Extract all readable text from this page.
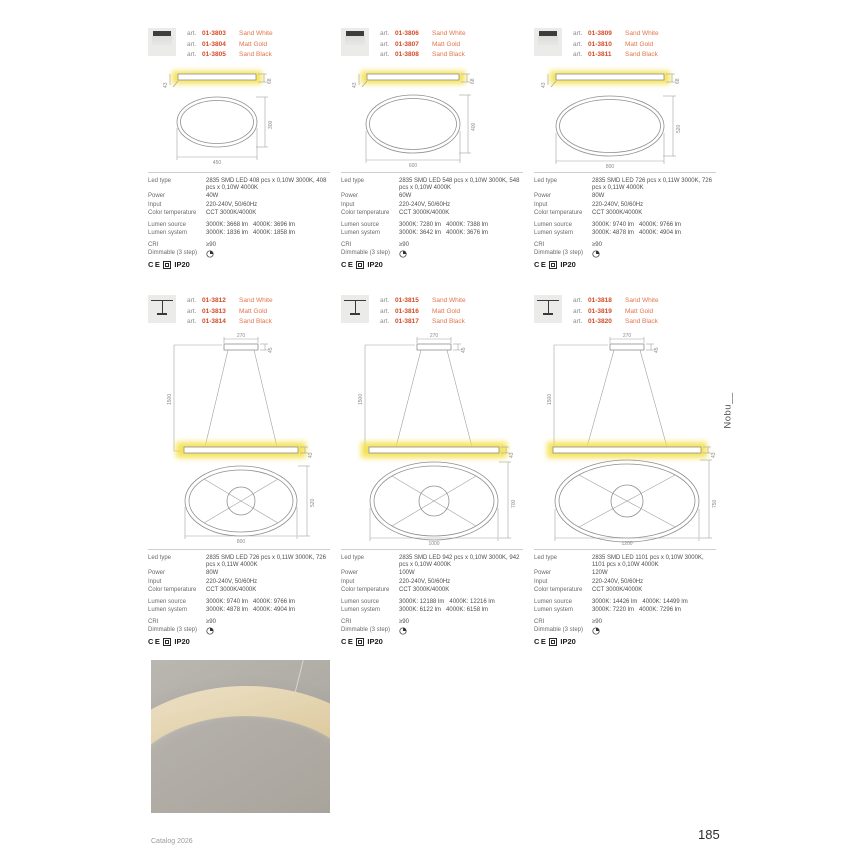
art. 01-3803	Sand White
art. 01-3804	Matt Gold
art. 01-3805	Sand Black
68
43
450
300
Led type	2835 SMD LED 408 pcs x 0,10W 3000K, 408 pcs x 0,10W 4000K
Power	40W
Input	220-240V, 50/60Hz
Color temperature	CCT 3000K/4000K
Lumen source	3000K: 3668 lm   4000K: 3696 lm
Lumen system	3000K: 1836 lm   4000K: 1858 lm
CRI	≥90
Dimmable (3 step)
CE IP20
art. 01-3806	Sand White
art. 01-3807	Matt Gold
art. 01-3808	Sand Black
68
43
600
400
Led type	2835 SMD LED 548 pcs x 0,10W 3000K, 548 pcs x 0,10W 4000K
Power	60W
Input	220-240V, 50/60Hz
Color temperature	CCT 3000K/4000K
Lumen source	3000K: 7280 lm   4000K: 7388 lm
Lumen system	3000K: 3642 lm   4000K: 3676 lm
CRI	≥90
Dimmable (3 step)
CE IP20
art. 01-3809	Sand White
art. 01-3810	Matt Gold
art. 01-3811	Sand Black
68
43
800
520
Led type	2835 SMD LED 726 pcs x 0,11W 3000K, 726 pcs x 0,11W 4000K
Power	80W
Input	220-240V, 50/60Hz
Color temperature	CCT 3000K/4000K
Lumen source	3000K: 9740 lm   4000K: 9766 lm
Lumen system	3000K: 4878 lm   4000K: 4904 lm
CRI	≥90
Dimmable (3 step)
CE IP20
art. 01-3812	Sand White
art. 01-3813	Matt Gold
art. 01-3814	Sand Black
270
45
1500
43
800
520
Led type	2835 SMD LED 726 pcs x 0,11W 3000K, 726 pcs x 0,11W 4000K
Power	80W
Input	220-240V, 50/60Hz
Color temperature	CCT 3000K/4000K
Lumen source	3000K: 9740 lm   4000K: 9766 lm
Lumen system	3000K: 4878 lm   4000K: 4904 lm
CRI	≥90
Dimmable (3 step)
CE IP20
art. 01-3815	Sand White
art. 01-3816	Matt Gold
art. 01-3817	Sand Black
270
45
1500
43
1000
700
Led type	2835 SMD LED 942 pcs x 0,10W 3000K, 942 pcs x 0,10W 4000K
Power	100W
Input	220-240V, 50/60Hz
Color temperature	CCT 3000K/4000K
Lumen source	3000K: 12188 lm   4000K: 12216 lm
Lumen system	3000K: 6122 lm   4000K: 6158 lm
CRI	≥90
Dimmable (3 step)
CE IP20
art. 01-3818	Sand White
art. 01-3819	Matt Gold
art. 01-3820	Sand Black
270
45
1500
43
1200
750
Led type	2835 SMD LED 1101 pcs x 0,10W 3000K, 1101 pcs x 0,10W 4000K
Power	120W
Input	220-240V, 50/60Hz
Color temperature	CCT 3000K/4000K
Lumen source	3000K: 14426 lm   4000K: 14499 lm
Lumen system	3000K: 7220 lm   4000K: 7296 lm
CRI	≥90
Dimmable (3 step)
CE IP20
Nobu__
Catalog 2026	185
